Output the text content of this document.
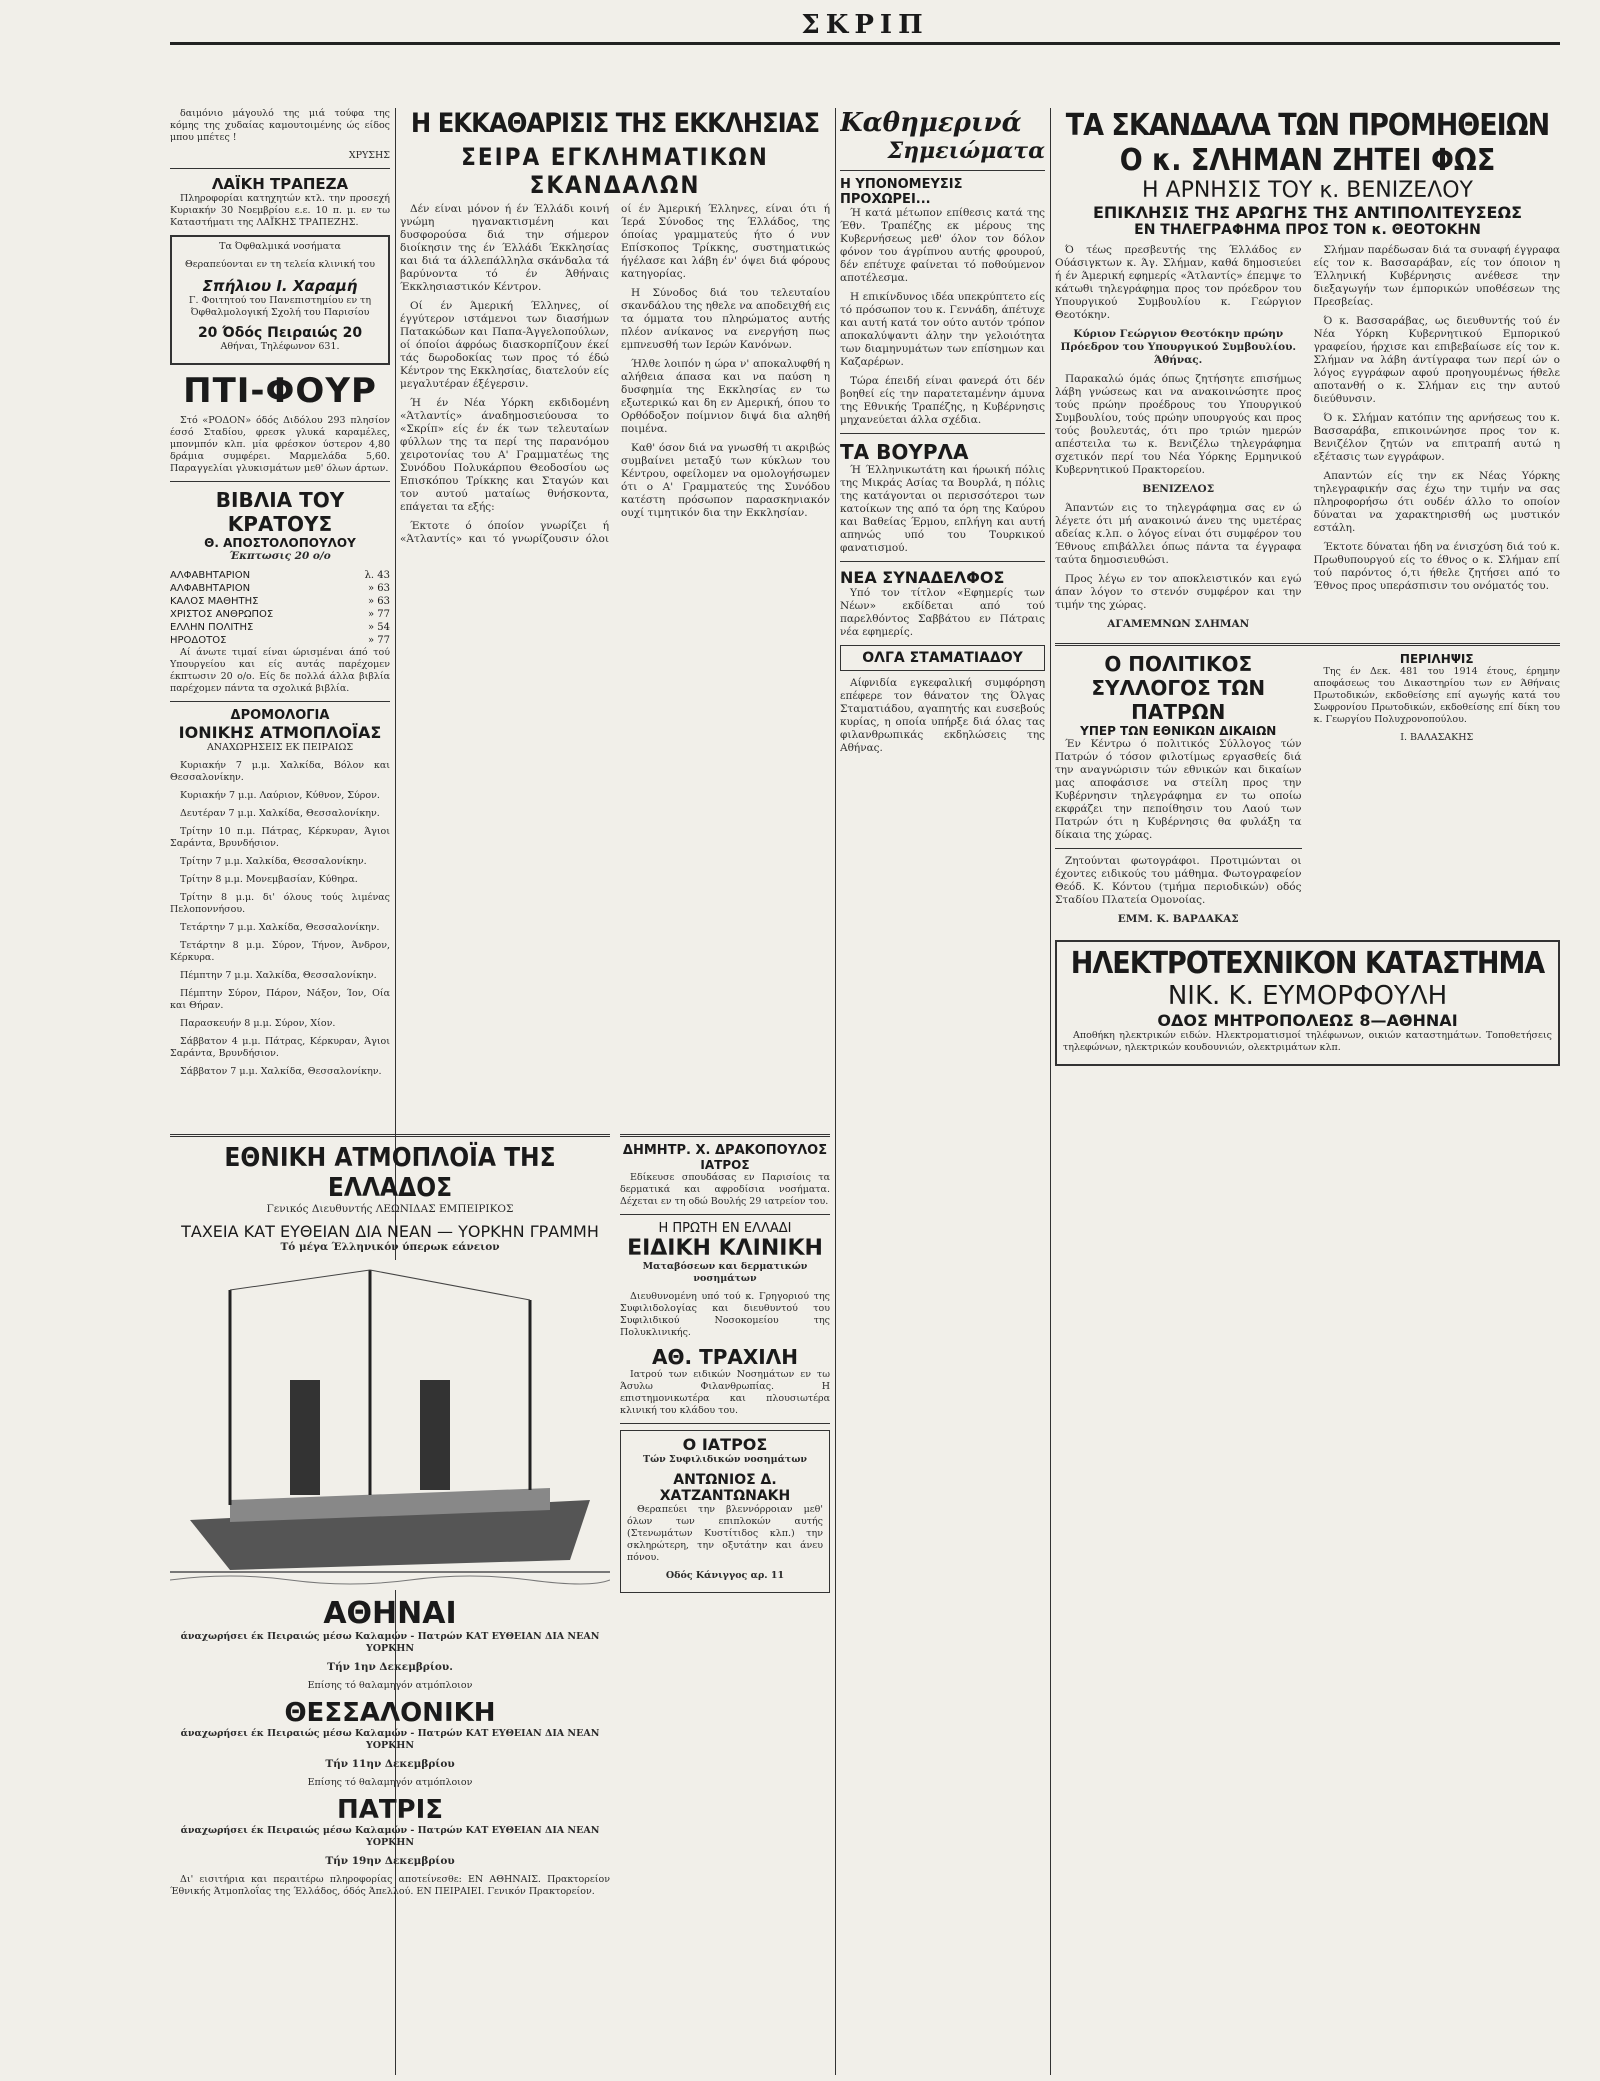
ΣΚΡΙΠ

δαιμόνιο μάγουλό της μιά τούφα της κόμης της χυδαίας καμουτοιμένης ώς είδος μπου μπέτες !

ΧΡΥΣΗΣ

ΛΑΪΚΗ ΤΡΑΠΕΖΑ

Πληροφορίαι κατηχητών κτλ. την προσεχή Κυριακήν 30 Νοεμβρίου ε.ε. 10 π. μ. εν τω Καταστήματι της ΛΑΪΚΗΣ ΤΡΑΠΕΖΗΣ.

Τα Όφθαλμικά νοσήματα
Θεραπεύονται εν τη τελεία κλινική του
Σπήλιου Ι. Χαραμή
Γ. Φοιτητού του Πανεπιστημίου εν τη Όφθαλμολογική Σχολή του Παρισίου
20 Όδός Πειραιώς 20
Αθήναι, Τηλέφωνον 631.
ΠΤΙ-ΦΟΥΡ

Στό «ΡΟΔΟΝ» όδός Διδόλου 293 πλησίον έσσό Σταδίου, φρεσκ γλυκά καραμέλες, μπονμπόν κλπ. μία φρέσκον ύστερον 4,80 δράμια συμφέρει. Μαρμελάδα 5,60. Παραγγελίαι γλυκισμάτων μεθ' όλων άρτων.

ΒΙΒΛΙΑ ΤΟΥ ΚΡΑΤΟΥΣ
Θ. ΑΠΟΣΤΟΛΟΠΟΥΛΟΥ
Έκπτωσις 20 ο/ο
ΑΛΦΑΒΗΤΑΡΙΟΝ	λ. 43
ΑΛΦΑΒΗΤΑΡΙΟΝ	» 63
ΚΑΛΟΣ ΜΑΘΗΤΗΣ	» 63
ΧΡΙΣΤΟΣ ΑΝΘΡΩΠΟΣ	» 77
ΕΛΛΗΝ ΠΟΛΙΤΗΣ	» 54
ΗΡΟΔΟΤΟΣ	» 77

Αί άνωτε τιμαί είναι ώρισμέναι άπό τού Υπουργείου και είς αυτάς παρέχομεν έκπτωσιν 20 ο/ο. Είς δε πολλά άλλα βιβλία παρέχομεν πάντα τα σχολικά βιβλία.

ΔΡΟΜΟΛΟΓΙΑ
ΙΟΝΙΚΗΣ ΑΤΜΟΠΛΟΪΑΣ
ΑΝΑΧΩΡΗΣΕΙΣ ΕΚ ΠΕΙΡΑΙΩΣ

Κυριακήν 7 μ.μ. Χαλκίδα, Βόλον και Θεσσαλονίκην.

Κυριακήν 7 μ.μ. Λαύριον, Κύθνον, Σύρον.

Δευτέραν 7 μ.μ. Χαλκίδα, Θεσσαλονίκην.

Τρίτην 10 π.μ. Πάτρας, Κέρκυραν, Άγιοι Σαράντα, Βρυνδήσιον.

Τρίτην 7 μ.μ. Χαλκίδα, Θεσσαλονίκην.

Τρίτην 8 μ.μ. Μονεμβασίαν, Κύθηρα.

Τρίτην 8 μ.μ. δι' όλους τούς λιμένας Πελοποννήσου.

Τετάρτην 7 μ.μ. Χαλκίδα, Θεσσαλονίκην.

Τετάρτην 8 μ.μ. Σύρον, Τήνον, Άνδρον, Κέρκυρα.

Πέμπτην 7 μ.μ. Χαλκίδα, Θεσσαλονίκην.

Πέμπτην Σύρον, Πάρον, Νάξον, Ίον, Οία και Θήραν.

Παρασκευήν 8 μ.μ. Σύρον, Χίον.

Σάββατον 4 μ.μ. Πάτρας, Κέρκυραν, Άγιοι Σαράντα, Βρυνδήσιον.

Σάββατον 7 μ.μ. Χαλκίδα, Θεσσαλονίκην.

Η ΕΚΚΑΘΑΡΙΣΙΣ ΤΗΣ ΕΚΚΛΗΣΙΑΣ
ΣΕΙΡΑ ΕΓΚΛΗΜΑΤΙΚΩΝ ΣΚΑΝΔΑΛΩΝ

Δέν είναι μόνον ή έν Έλλάδι κοινή γνώμη ηγανακτισμένη και δυσφορούσα διά την σήμερον διοίκησιν της έν Έλλάδι Έκκλησίας και διά τα άλλεπάλληλα σκάνδαλα τά βαρύνοντα τό έν Άθήναις Έκκλησιαστικόν Κέντρον.

Οί έν Άμερική Έλληνες, οί έγγύτερον ιστάμενοι των διασήμων Πατακώδων και Παπα-Άγγελοπούλων, οί όποίοι άφρόως διασκορπίζουν έκεί τάς δωροδοκίας των προς τό έδώ Κέντρον της Εκκλησίας, διατελούν είς μεγαλυτέραν έξέγερσιν.

Ή έν Νέα Υόρκη εκδιδομένη «Άτλαντίς» άναδημοσιεύουσα το «Σκρίπ» είς έν έκ των τελευταίων φύλλων της τα περί της παρανόμου χειροτονίας του Α' Γραμματέως της Συνόδου Πολυκάρπου Θεοδοσίου ως Επισκόπου Τρίκκης και Σταγών και τον αυτού ματαίως θνήσκοντα, επάγεται τα εξής:

Έκτοτε ό όποίον γνωρίζει ή «Άτλαντίς» και τό γνωρίζουσιν όλοι οί έν Άμερική Έλληνες, είναι ότι ή Ίερά Σύνοδος της Έλλάδος, της όποίας γραμματεύς ήτο ό νυν Επίσκοπος Τρίκκης, συστηματικώς ήγέλασε και λάβη έν' όψει διά φόρους κατηγορίας.

Η Σύνοδος διά του τελευταίου σκανδάλου της ηθελε να αποδειχθή εις τα όμματα του πληρώματος αυτής πλέον ανίκανος να ενεργήση πως εμπνευσθή των Ιερών Κανόνων.

Ήλθε λοιπόν η ώρα ν' αποκαλυφθή η αλήθεια άπασα και να παύση η δυσφημία της Εκκλησίας εν τω εξωτερικώ και δη εν Αμερική, όπου το Ορθόδοξον ποίμνιον διψά δια αληθή ποιμένα.

Καθ' όσον διά να γνωσθή τι ακριβώς συμβαίνει μεταξύ των κύκλων του Κέντρου, οφείλομεν να ομολογήσωμεν ότι ο Α' Γραμματεύς της Συνόδου κατέστη πρόσωπον παρασκηνιακόν ουχί τιμητικόν δια την Εκκλησίαν.

Καθημερινά
Σημειώματα
Η ΥΠΟΝΟΜΕΥΣΙΣ ΠΡΟΧΩΡΕΙ...

Ή κατά μέτωπον επίθεσις κατά της Έθν. Τραπέζης εκ μέρους της Κυβερνήσεως μεθ' όλον τον δόλον φόνον του άγρίπνου αυτής φρουρού, δέν επέτυχε φαίνεται τό ποθούμενον αποτέλεσμα.

Η επικίνδυνος ιδέα υπεκρύπτετο είς τό πρόσωπον του κ. Γεννάδη, άπέτυχε και αυτή κατά τον ούτο αυτόν τρόπον αποκαλύψαντι άλην την γελοιότητα των διαμηνυμάτων των επίσημων και Καζαρέρων.

Τώρα έπειδή είναι φανερά ότι δέν βοηθεί είς την παρατεταμένην άμυνα της Εθνικής Τραπέζης, η Κυβέρνησις μηχανεύεται άλλα σχέδια.

ΤΑ ΒΟΥΡΛΑ

Ή Έλληνικωτάτη και ήρωική πόλις της Μικράς Ασίας τα Βουρλά, η πόλις της κατάγονται οι περισσότεροι των κατοίκων της από τα όρη της Καύρου και Βαθείας Έρμου, επλήγη και αυτή απηνώς υπό του Τουρκικού φανατισμού.

ΝΕΑ ΣΥΝΑΔΕΛΦΟΣ

Υπό τον τίτλον «Εφημερίς των Νέων» εκδίδεται από τού παρελθόντος Σαββάτου εν Πάτραις νέα εφημερίς.

ΟΛΓΑ ΣΤΑΜΑΤΙΑΔΟΥ

Αίφνιδία εγκεφαλική συμφόρηση επέφερε τον θάνατον της Όλγας Σταματιάδου, αγαπητής και ευσεβούς κυρίας, η οποία υπήρξε διά όλας τας φιλανθρωπικάς εκδηλώσεις της Αθήνας.

ΤΑ ΣΚΑΝΔΑΛΑ ΤΩΝ ΠΡΟΜΗΘΕΙΩΝ
Ο κ. ΣΛΗΜΑΝ ΖΗΤΕΙ ΦΩΣ
Η ΑΡΝΗΣΙΣ ΤΟΥ κ. ΒΕΝΙΖΕΛΟΥ
ΕΠΙΚΛΗΣΙΣ ΤΗΣ ΑΡΩΓΗΣ ΤΗΣ ΑΝΤΙΠΟΛΙΤΕΥΣΕΩΣ
ΕΝ ΤΗΛΕΓΡΑΦΗΜΑ ΠΡΟΣ ΤΟΝ κ. ΘΕΟΤΟΚΗΝ

Ό τέως πρεσβευτής της Έλλάδος εν Ούάσιγκτων κ. Άγ. Σλήμαν, καθά δημοσιεύει ή έν Άμερική εφημερίς «Άτλαντίς» έπεμψε το κάτωθι τηλεγράφημα προς τον πρόεδρον του Υπουργικού Συμβουλίου κ. Γεώργιον Θεοτόκην.

Κύριον Γεώργιον Θεοτόκην πρώην Πρόεδρον του Υπουργικού Συμβουλίου. Άθήνας.

Παρακαλώ όμάς όπως ζητήσητε επισήμως λάβη γνώσεως και να ανακοινώσητε προς τούς πρώην προέδρους του Υπουργικού Συμβουλίου, τούς πρώην υπουργούς και προς τούς βουλευτάς, ότι προ τριών ημερών απέστειλα τω κ. Βενιζέλω τηλεγράφημα σχετικόν περί του Νέα Υόρκης Ερμηνικού Κυβερνητικού Πρακτορείου.

ΒΕΝΙΖΕΛΟΣ

Άπαντών εις το τηλεγράφημα σας εν ώ λέγετε ότι μή ανακοινώ άνευ της υμετέρας αδείας κ.λπ. ο λόγος είναι ότι συμφέρον του Έθνους επιβάλλει όπως πάντα τα έγγραφα ταύτα δημοσιευθώσι.

Προς λέγω εν τον αποκλειστικόν και εγώ άπαν λόγον το στενόν συμφέρον και την τιμήν της χώρας.

ΑΓΑΜΕΜΝΩΝ ΣΛΗΜΑΝ

Σλήμαν παρέδωσαν διά τα συναφή έγγραφα είς τον κ. Βασσαράβαν, είς τον όποιον η Έλληνική Κυβέρνησις ανέθεσε την διεξαγωγήν των έμπορικών υποθέσεων της Πρεσβείας.

Ό κ. Βασσαράβας, ως διευθυντής τού έν Νέα Υόρκη Κυβερνητικού Εμπορικού γραφείου, ήρχισε και επιβεβαίωσε είς τον κ. Σλήμαν να λάβη άντίγραφα των περί ών ο λόγος εγγράφων αφού προηγουμένως ήθελε αποτανθή ο κ. Σλήμαν εις την αυτού διεύθυνσιν.

Ό κ. Σλήμαν κατόπιν της αρνήσεως του κ. Βασσαράβα, επικοινώνησε προς τον κ. Βενιζέλον ζητών να επιτραπή αυτώ η εξέτασις των εγγράφων.

Απαντών είς την εκ Νέας Υόρκης τηλεγραφικήν σας έχω την τιμήν να σας πληροφορήσω ότι ουδέν άλλο το οποίον δύναται να χαρακτηρισθή ως μυστικόν εστάλη.

Έκτοτε δύναται ήδη να ένισχύση διά τού κ. Πρωθυπουργού είς το έθνος ο κ. Σλήμαν επί τού παρόντος ό,τι ήθελε ζητήσει από το Έθνος προς υπεράσπισιν του ονόματός του.

Ο ΠΟΛΙΤΙΚΟΣ ΣΥΛΛΟΓΟΣ ΤΩΝ ΠΑΤΡΩΝ
ΥΠΕΡ ΤΩΝ ΕΘΝΙΚΩΝ ΔΙΚΑΙΩΝ

Έν Κέντρω ό πολιτικός Σύλλογος τών Πατρών ό τόσον φιλοτίμως εργασθείς διά την αναγνώρισιν τών εθνικών και δικαίων μας αποφάσισε να στείλη προς την Κυβέρνησιν τηλεγράφημα εν τω οποίω εκφράζει την πεποίθησιν του Λαού των Πατρών ότι η Κυβέρνησις θα φυλάξη τα δίκαια της χώρας.

Ζητούνται φωτογράφοι. Προτιμώνται οι έχοντες ειδικούς του μάθημα. Φωτογραφείον Θεόδ. Κ. Κόντου (τμήμα περιοδικών) οδός Σταδίου Πλατεία Ομονοίας.

ΕΜΜ. Κ. ΒΑΡΔΑΚΑΣ

ΠΕΡΙΛΗΨΙΣ

Της έν Δεκ. 481 του 1914 έτους, έρημην αποφάσεως του Δικαστηρίου των εν Άθήναις Πρωτοδικών, εκδοθείσης επί αγωγής κατά του Σωφρονίου Πρωτοδικών, εκδοθείσης επί δίκη του κ. Γεωργίου Πολυχρονοπούλου.

Ι. ΒΑΛΑΣΑΚΗΣ

ΗΛΕΚΤΡΟΤΕΧΝΙΚΟΝ ΚΑΤΑΣΤΗΜΑ
ΝΙΚ. Κ. ΕΥΜΟΡΦΟΥΛΗ
ΟΔΟΣ ΜΗΤΡΟΠΟΛΕΩΣ 8—ΑΘΗΝΑΙ

Αποθήκη ηλεκτρικών ειδών. Ηλεκτροματισμοί τηλέφωνων, οικιών καταστημάτων. Τοποθετήσεις τηλεφώνων, ηλεκτρικών κουδουνιών, ολεκτριμάτων κλπ.

ΕΘΝΙΚΗ ΑΤΜΟΠΛΟΪΑ ΤΗΣ ΕΛΛΑΔΟΣ
Γενικός Διευθυντής ΛΕΩΝΙΔΑΣ ΕΜΠΕΙΡΙΚΟΣ
ΤΑΧΕΙΑ ΚΑΤ ΕΥΘΕΙΑΝ ΔΙΑ ΝΕΑΝ — ΥΟΡΚΗΝ ΓΡΑΜΜΗ
Τό μέγα Έλληνικόν ύπερωκ εάνειον
ΑΘΗΝΑΙ

άναχωρήσει έκ Πειραιώς μέσω Καλαμών - Πατρών ΚΑΤ ΕΥΘΕΙΑΝ ΔΙΑ ΝΕΑΝ ΥΟΡΚΗΝ

Τήν 1ην Δεκεμβρίου.

Επίσης τό θαλαμηγόν ατμόπλοιον

ΘΕΣΣΑΛΟΝΙΚΗ

άναχωρήσει έκ Πειραιώς μέσω Καλαμών - Πατρών ΚΑΤ ΕΥΘΕΙΑΝ ΔΙΑ ΝΕΑΝ ΥΟΡΚΗΝ

Τήν 11ην Δεκεμβρίου

Επίσης τό θαλαμηγόν ατμόπλοιον

ΠΑΤΡΙΣ

άναχωρήσει έκ Πειραιώς μέσω Καλαμών - Πατρών ΚΑΤ ΕΥΘΕΙΑΝ ΔΙΑ ΝΕΑΝ ΥΟΡΚΗΝ

Τήν 19ην Δεκεμβρίου

Δι' εισιτήρια και περαιτέρω πληροφορίας αποτείνεσθε: ΕΝ ΑΘΗΝΑΙΣ. Πρακτορείον Έθνικής Άτμοπλοΐας της Έλλάδος, όδός Άπελλού. ΕΝ ΠΕΙΡΑΙΕΙ. Γενικόν Πρακτορείον.

ΔΗΜΗΤΡ. Χ. ΔΡΑΚΟΠΟΥΛΟΣ
ΙΑΤΡΟΣ

Εδίκευσε σπουδάσας εν Παρισίοις τα δερματικά και αφροδίσια νοσήματα. Δέχεται εν τη οδώ Βουλής 29 ιατρείον του.

Η ΠΡΩΤΗ ΕΝ ΕΛΛΑΔΙ
ΕΙΔΙΚΗ ΚΛΙΝΙΚΗ
Ματαβόσεων και δερματικών νοσημάτων

Διευθυνομένη υπό τού κ. Γρηγοριού της Συφιλιδολογίας και διευθυντού του Συφιλιδικού Νοσοκομείου της Πολυκλινικής.

ΑΘ. ΤΡΑΧΙΛΗ

Ιατρού των ειδικών Νοσημάτων εν τω Άσυλω Φιλανθρωπίας. Η επιστημονικωτέρα και πλουσιωτέρα κλινική του κλάδου του.

Ο ΙΑΤΡΟΣ
Τών Συφιλιδικών νοσημάτων
ΑΝΤΩΝΙΟΣ Δ. ΧΑΤΖΑΝΤΩΝΑΚΗ

Θεραπεύει την βλεννόρροιαν μεθ' όλων των επιπλοκών αυτής (Στενωμάτων Κυστίτιδος κλπ.) την σκληρώτερη, την οξυτάτην και άνευ πόνου.

Οδός Κάνιγγος αρ. 11
